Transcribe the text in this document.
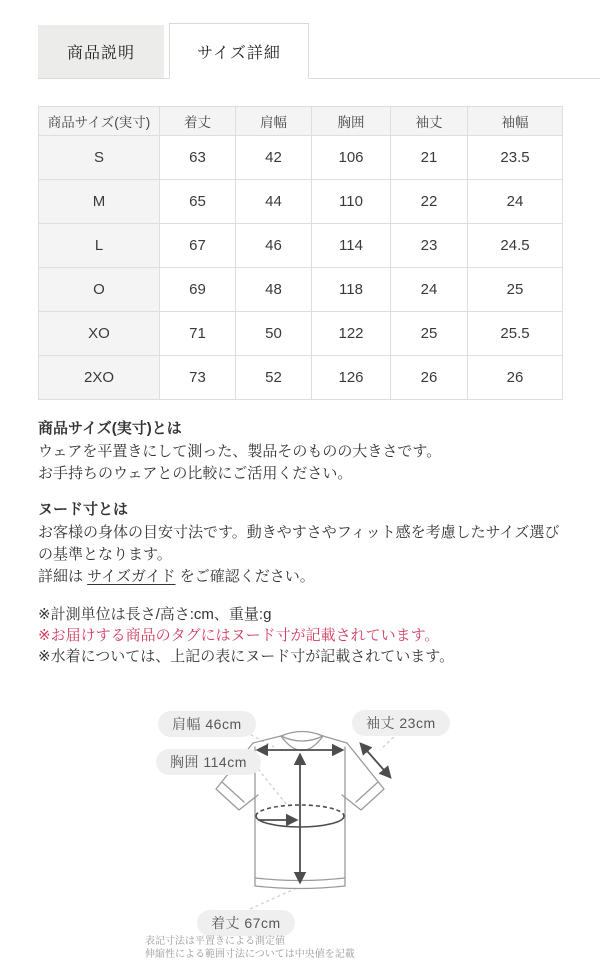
商品説明	サイズ詳細
商品サイズ(実寸)	着丈	肩幅	胸囲	袖丈	袖幅
S	63	42	106	21	23.5
M	65	44	110	22	24
L	67	46	114	23	24.5
O	69	48	118	24	25
XO	71	50	122	25	25.5
2XO	73	52	126	26	26
商品サイズ(実寸)とは
ウェアを平置きにして測った、製品そのものの大きさです。
お手持ちのウェアとの比較にご活用ください。
ヌード寸とは
お客様の身体の目安寸法です。動きやすさやフィット感を考慮したサイズ選びの基準となります。
詳細は サイズガイド をご確認ください。

※計測単位は長さ/高さ:cm、重量:g

※お届けする商品のタグにはヌード寸が記載されています。

※水着については、上記の表にヌード寸が記載されています。

肩幅 46cm	袖丈 23cm
胸囲 114cm
着丈 67cm
表記寸法は平置きによる測定値
伸縮性による範囲寸法については中央値を記載
